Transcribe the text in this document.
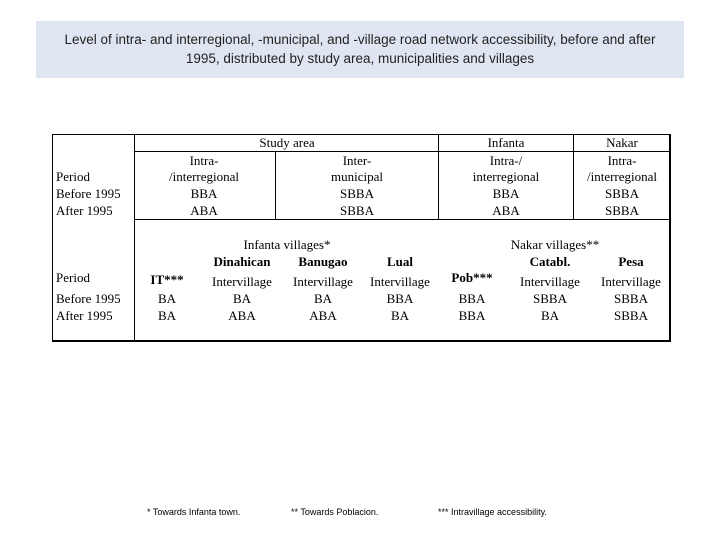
Level of intra- and interregional, -municipal, and -village road network accessibility, before and after
1995, distributed by study area, municipalities and villages
Period
Before 1995
After 1995
Study area
Intra-
/interregional
BBA
ABA
Inter-
municipal
SBBA
SBBA
Infanta
Intra-/
interregional
BBA
ABA
Nakar
Intra-
/interregional
SBBA
SBBA
Period
Before 1995
After 1995
Infanta villages*
IT***
BA
BA
Dinahican
Intervillage
BA
ABA
Banugao
Intervillage
BA
ABA
Lual
Intervillage
BBA
BA
Nakar villages**
Pob***
BBA
BBA
Catabl.
Intervillage
SBBA
BA
Pesa
Intervillage
SBBA
SBBA
* Towards Infanta town.	** Towards Poblacion.	*** Intravillage accessibility.
